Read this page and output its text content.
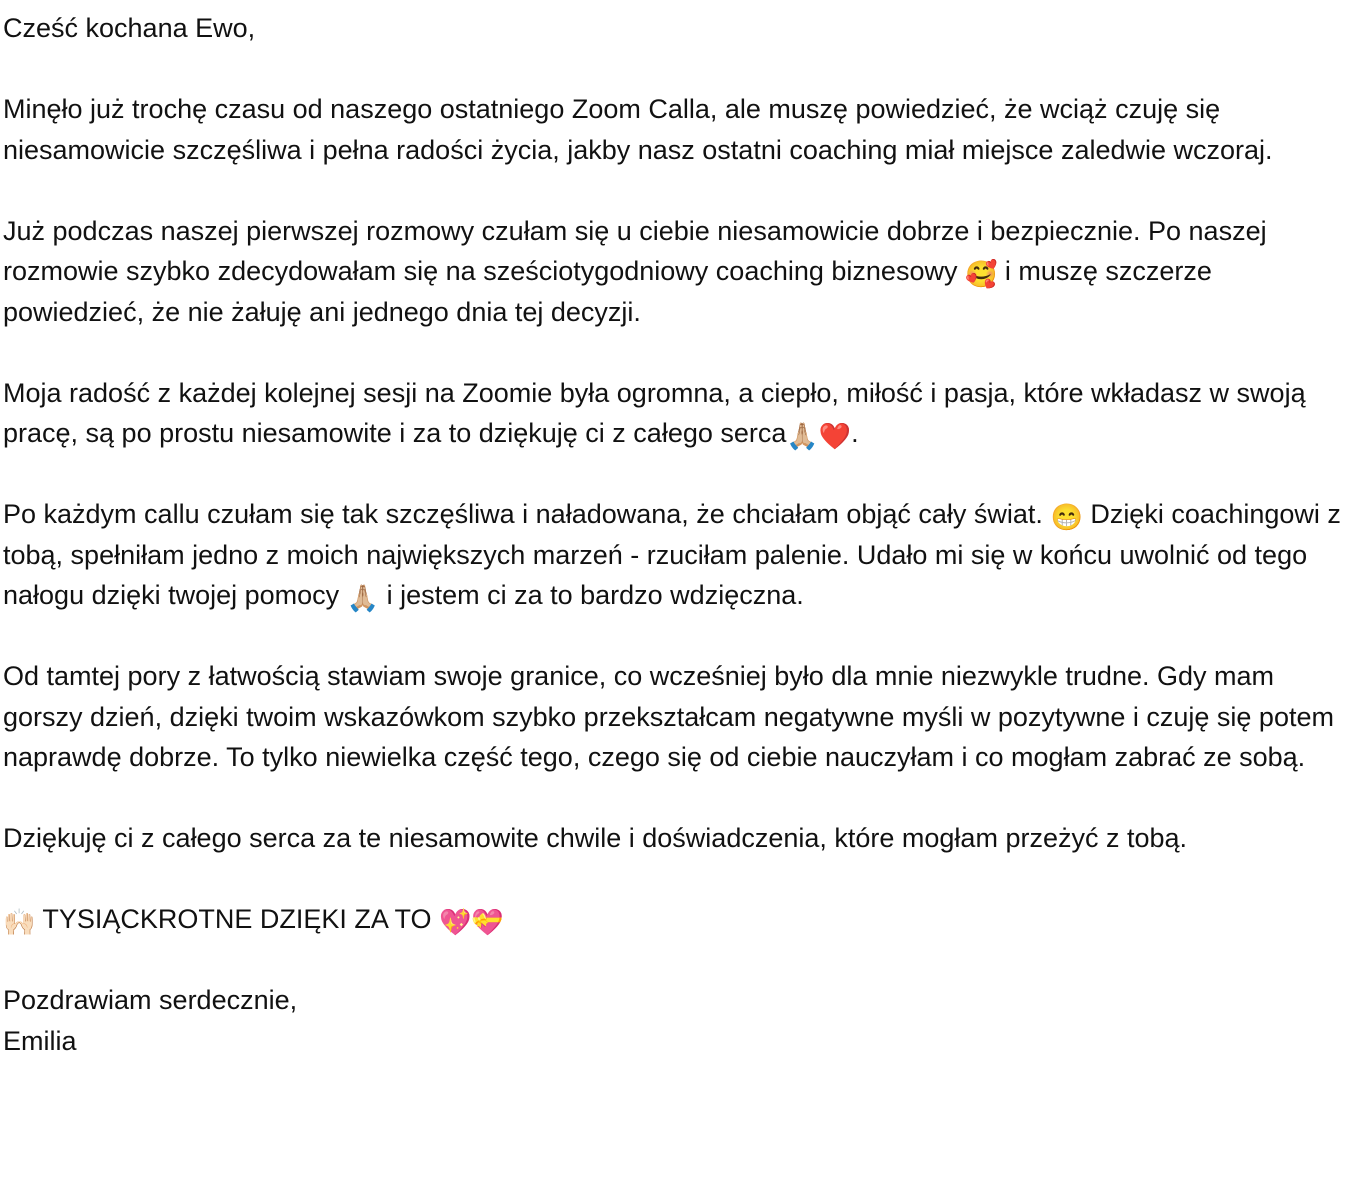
Cześć kochana Ewo,

Minęło już trochę czasu od naszego ostatniego Zoom Calla, ale muszę powiedzieć, że wciąż czuję się niesamowicie szczęśliwa i pełna radości życia, jakby nasz ostatni coaching miał miejsce zaledwie wczoraj.

Już podczas naszej pierwszej rozmowy czułam się u ciebie niesamowicie dobrze i bezpiecznie. Po naszej rozmowie szybko zdecydowałam się na sześciotygodniowy coaching biznesowy 🥰 i muszę szczerze powiedzieć, że nie żałuję ani jednego dnia tej decyzji.

Moja radość z każdej kolejnej sesji na Zoomie była ogromna, a ciepło, miłość i pasja, które wkładasz w swoją pracę, są po prostu niesamowite i za to dziękuję ci z całego serca🙏🏼❤️.

Po każdym callu czułam się tak szczęśliwa i naładowana, że chciałam objąć cały świat. 😁 Dzięki coachingowi z tobą, spełniłam jedno z moich największych marzeń - rzuciłam palenie. Udało mi się w końcu uwolnić od tego nałogu dzięki twojej pomocy 🙏🏼 i jestem ci za to bardzo wdzięczna.

Od tamtej pory z łatwością stawiam swoje granice, co wcześniej było dla mnie niezwykle trudne. Gdy mam gorszy dzień, dzięki twoim wskazówkom szybko przekształcam negatywne myśli w pozytywne i czuję się potem naprawdę dobrze. To tylko niewielka część tego, czego się od ciebie nauczyłam i co mogłam zabrać ze sobą.

Dziękuję ci z całego serca za te niesamowite chwile i doświadczenia, które mogłam przeżyć z tobą.

🙌🏻 TYSIĄCKROTNE DZIĘKI ZA TO 💖💝

Pozdrawiam serdecznie,
Emilia
